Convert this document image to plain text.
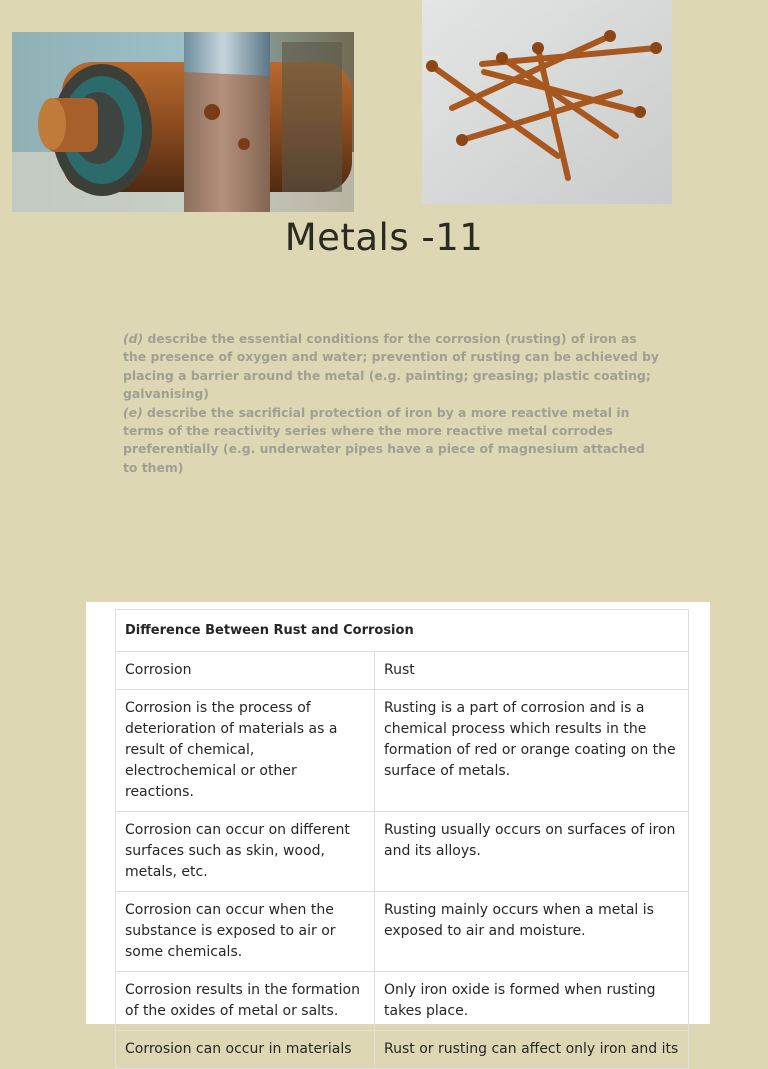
Metals -11

(d) describe the essential conditions for the corrosion (rusting) of iron as the presence of oxygen and water; prevention of rusting can be achieved by placing a barrier around the metal (e.g. painting; greasing; plastic coating; galvanising)

(e) describe the sacrificial protection of iron by a more reactive metal in terms of the reactivity series where the more reactive metal corrodes preferentially (e.g. underwater pipes have a piece of magnesium attached to them)

Difference Between Rust and Corrosion	
Corrosion	Rust
Corrosion is the process of deterioration of materials as a result of chemical, electrochemical or other reactions.	Rusting is a part of corrosion and is a chemical process which results in the formation of red or orange coating on the surface of metals.
Corrosion can occur on different surfaces such as skin, wood, metals, etc.	Rusting usually occurs on surfaces of iron and its alloys.
Corrosion can occur when the substance is exposed to air or some chemicals.	Rusting mainly occurs when a metal is exposed to air and moisture.
Corrosion results in the formation of the oxides of metal or salts.	Only iron oxide is formed when rusting takes place.
Corrosion can occur in materials	Rust or rusting can affect only iron and its
